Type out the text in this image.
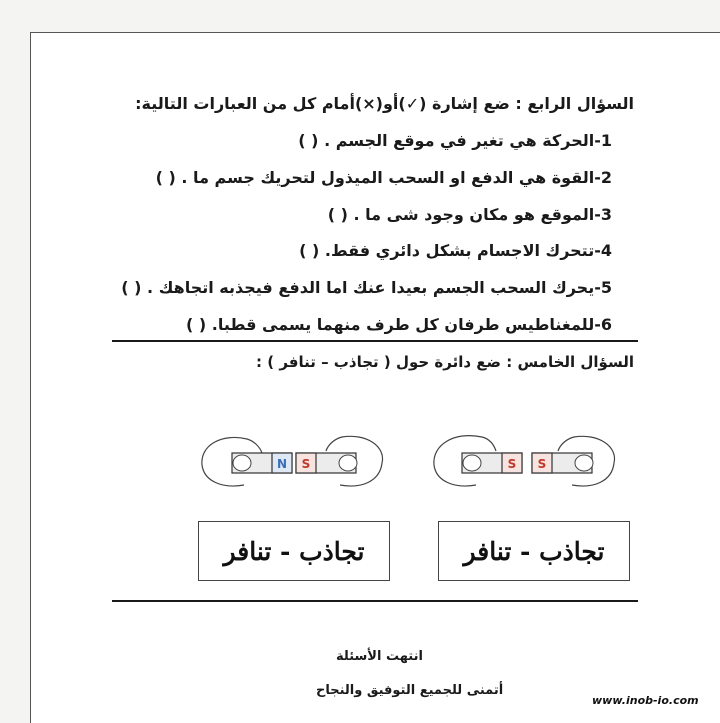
السؤال الرابع : ضع إشارة (✓)أو(×)أمام كل من العبارات التالية:
1-الحركة هي تغير في موقع الجسم . ( )
2-القوة هي الدفع او السحب الميذول لتحريك جسم ما . ( )
3-الموقع هو مكان وجود شى ما . ( )
4-تتحرك الاجسام بشكل دائري فقط. ( )
5-يحرك السحب الجسم بعيدا عنك اما الدفع فيجذبه اتجاهك . ( )
6-للمغناطيس طرفان كل طرف منهما يسمى قطبا. ( )
السؤال الخامس : ضع دائرة حول ( تجاذب – تنافر ) :
N S	S S
تجاذب - تنافر	تجاذب - تنافر
انتهت الأسئلة
أتمنى للجميع التوفيق والنجاح
www.inob-io.com
